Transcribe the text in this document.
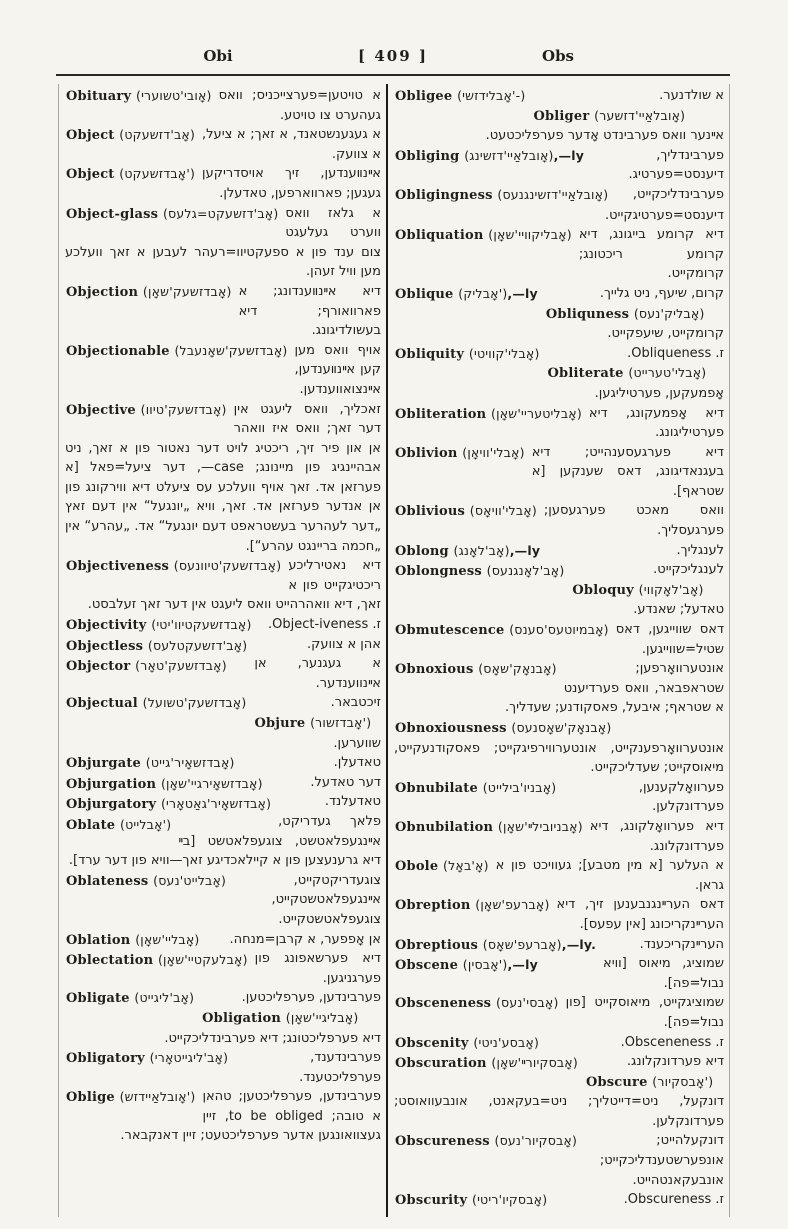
Obi	[ 409 ]	Obs
Obituary (אָובי'טשוערי) א טויטען=פערצייכניס; וואס געהערט צו טויטע.
Object (אָב'דזשעקט) א געגענשטאנד, א זאך; א ציעל, א צוועק.
Object (אָבדזשעקט') אײנװענדען, זיך אויסדריקען געגען; פארווארפען, טאדעלן.
Object-glass (אָב'דזשעקט=גלעס) א גלאז וואס ווערט געלעגט צום ענד פון א ספעקטיוו=רעהר לעבען א זאך וועלכע מען וויל זעהן.
Objection (אָבדזשעק'שאָן) דיא אײנװענדונג; א פארוואורף; דיא בעשולדיגונג.
Objectionable (אָבדזשעק'שאָנעבל) אויף וואס מען קען אײנװענדען, אײנצואווענדען.
Objective (אָבדזשעק'טיוו) זאכליך, וואס ליעגט אין דער זאך; וואס איז וואהר אן און פיר זיך, ריכטיג לויט דער נאטור פון א זאך, ניט אבהיינגיג פון מיינונג; case—, דער ציעל=פאל [א פערזאן אד. זאך אויף וועלכע עס ציעלט דיא ווירקונג פון אן אנדער פערזאן אד. זאך, וויא „יונגעל“ אין דעם זאץ „דער לעהרער בעשטראפט דעם יונגעל“ אד. „עהרע“ אין „חכמה בריינגט עהרע“].
Objectiveness (אָבדזשעק'טיוונעס) דיא נאטירליכע ריכטיגקייט פון א זאך, דיא וואהרהייט וואס ליעגט אין דער זאך זעלבסט.
Objectivity (אָבדזשעקטיוו'יטי)	ז. Object-iveness.
Objectless (אָב'דזשעקטלעס)	אהן א צוועק.
Objector (אָבדזשעק'טאָר)	א געגנער, אן אײנווענדער.
Objectual (אָבדזשעק'טשועל)	זיכטבאר.
Objure (אָבדזשור')
שווערען.
Objurgate (אָבדזשאָיר'גייט)	טאדעלן.
Objurgation (אָבדזשאָירגיי'שאָן)	דער טאדעל.
Objurgatory (אָבדזשאָיר'גאַטאָרי)	טאדעלנד.
Oblate (אָבלייט')	פלאך געדריקט, אײנגעפלאטשט, צוגעפלאטשט [בײ דיא גרענעצען פון א קיילאכדיגע זאך—וויא פון דער ערד].
Oblateness (אָבלייט'נעס)	צוגעדריקטקייט, אײנגעפלאטשטקייט, צוגעפלאטשטקייט.
Oblation (אָבליי'שאָן)	אן אָפפער, א קרבן=מנחה.
Oblectation (אָבלעקטיי'שאָן) דיא פערשאפונג פון פערגניגען.
Obligate (אָב'ליגייט)	פערבינדען, פערפליכטען.
Obligation (אָבליגיי'שאָן)
דיא פערפליכטונג; דיא פערבינדליכקייט.
Obligatory (אָב'ליגייטאָרי)	פערבינדענד, פערפליכטענד.
Oblige (אָובלאַיידזש') פערבינדען, פערפליכטען; טהאן א טובה; to be obliged, זיין געצוואונגען אדער פערפליכטעט; זיין דאנקבאר.
Obligee (אָבלידזשי'-)	א שולדנער.
Obliger (אָובלאַיי'דזשער)
אײנער וואס פערבינדט אָדער פערפליכטעט.
Obliging (אָובלאַיי'דזשינג),—ly	פערבינדליך, דיענסט=פערטיג.
Obligingness (אָובלאַיי'דזשינגנעס)	פערבינדליכקייט, דיענסט=פערטיגקייט.
Obliquation (אָבליקוויי'שאָן) דיא קרומע בייגונג, דיא קרומע ריכטונג; קרומקייט.
Oblique (אָבליק'),—ly	קרום, שיעף, ניט גלייך.
Obliquness (אָבליק'נעס)
קרומקייט, שיעפקייט.
Obliquity (אָבלי'קוויטי)	ז. Obliqueness.
Obliterate (אָבלי'טערייט)
אָפמעקען, פערטיליגען.
Obliteration (אָבליטעריי'שאָן) דיא אָפמעקונג, דיא פערטיליגונג.
Oblivion (אָבלי'וויאָן) דיא פערגעסענהייט; דיא בעגנאדיגונג, דאס שענקען [א שטראף].
Oblivious (אָבלי'וויאָס) וואס מאכט פערגעסען; פערגעסליך.
Oblong (אָב'לאָנג),—ly	לענגליך.
Oblongness (אָב'לאָנגנעס)	לענגליכקייט.
Obloquy (אָב'לאָקווי)
טאדעל; שאנדע.
Obmutescence (אָבמיוטעס'סענס) דאס שווייגען, דאס שטיל=שווייגען.
Obnoxious (אָבנאָק'שאָס)	אונטערוואָרפען; שטראפבאר, וואס פערדיענט א שטראף; איבעל, פאסקודנע; שעדליך.
Obnoxiousness (אָבנאָק'שאָסנעס)
אונטערוואָרפענקייט, אונטערווירפיגקייט; פאסקודנעקייט, מיאוסקייט; שעדליכקייט.
Obnubilate (אָבניו'בילייט)	פערוואָלקענען, פערדונקלען.
Obnubilation (אָבניובילײ'שאָן) דיא פערוואָלקונג, דיא פערדונקלונג.
Obole (אָ'באָל) א העלער [א מין מטבע]; געוויכט פון א גראן.
Obreption (אָברעפ'שאָן) דאס הערײנגנבענען זיך, דיא הערײנקריכונג [אין עפעס].
Obreptious (אָברעפ'שאָס),—ly.	הערײנקריכענד.
Obscene (אָבסין'),—ly	שמוציג, מיאוס [וויא נבול=פה].
Obsceneness (אָבסי'נעס) שמוציגקייט, מיאוסקייט [פון נבול=פה].
Obscenity (אָבסע'ניטי)	ז. Obsceneness.
Obscuration (אָבסקיורײ'שאָן)	דיא פערדונקלונג.
Obscure (אָבסקיור')
דונקעל, ניט=דייטליך; ניט=בעקאנט, אונבעוואוסט; פערדונקלען.
Obscureness (אָבסקיור'נעס)	דונקעלהייט; אונפערשטענדליכקייט; אונבעקאנטהייט.
Obscurity (אָבסקיו'ריטי)	ז. Obscureness.
